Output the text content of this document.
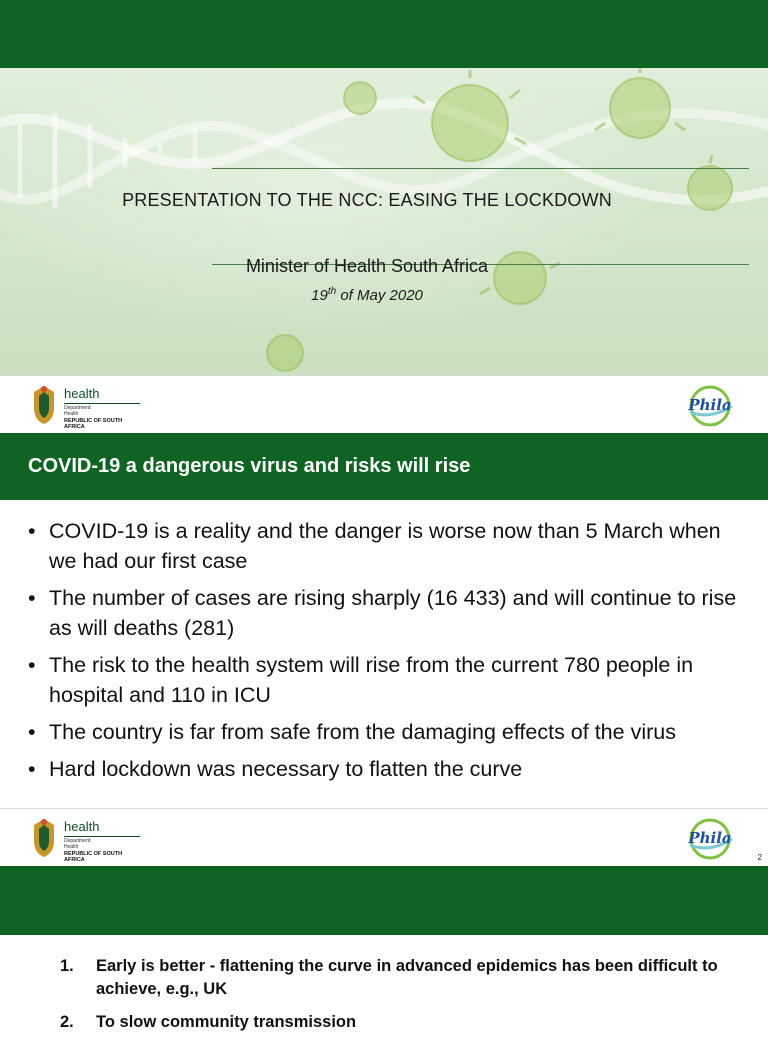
PRESENTATION TO THE NCC: EASING THE LOCKDOWN
Minister of Health South Africa
19th of May 2020
health
Department:
Health
REPUBLIC OF SOUTH AFRICA
Phila
COVID-19 a dangerous virus and risks will rise
• COVID-19 is a reality and the danger is worse now than 5 March when we had our first case
• The number of cases are rising sharply (16 433) and will continue to rise as will deaths (281)
• The risk to the health system will rise from the current 780 people in hospital and 110 in ICU
• The country is far from safe from the damaging effects of the virus
• Hard lockdown was necessary to flatten the curve
health
Department:
Health
REPUBLIC OF SOUTH AFRICA
Phila
2
1. Early is better - flattening the curve in advanced epidemics has been difficult to achieve, e.g., UK
2. To slow community transmission
